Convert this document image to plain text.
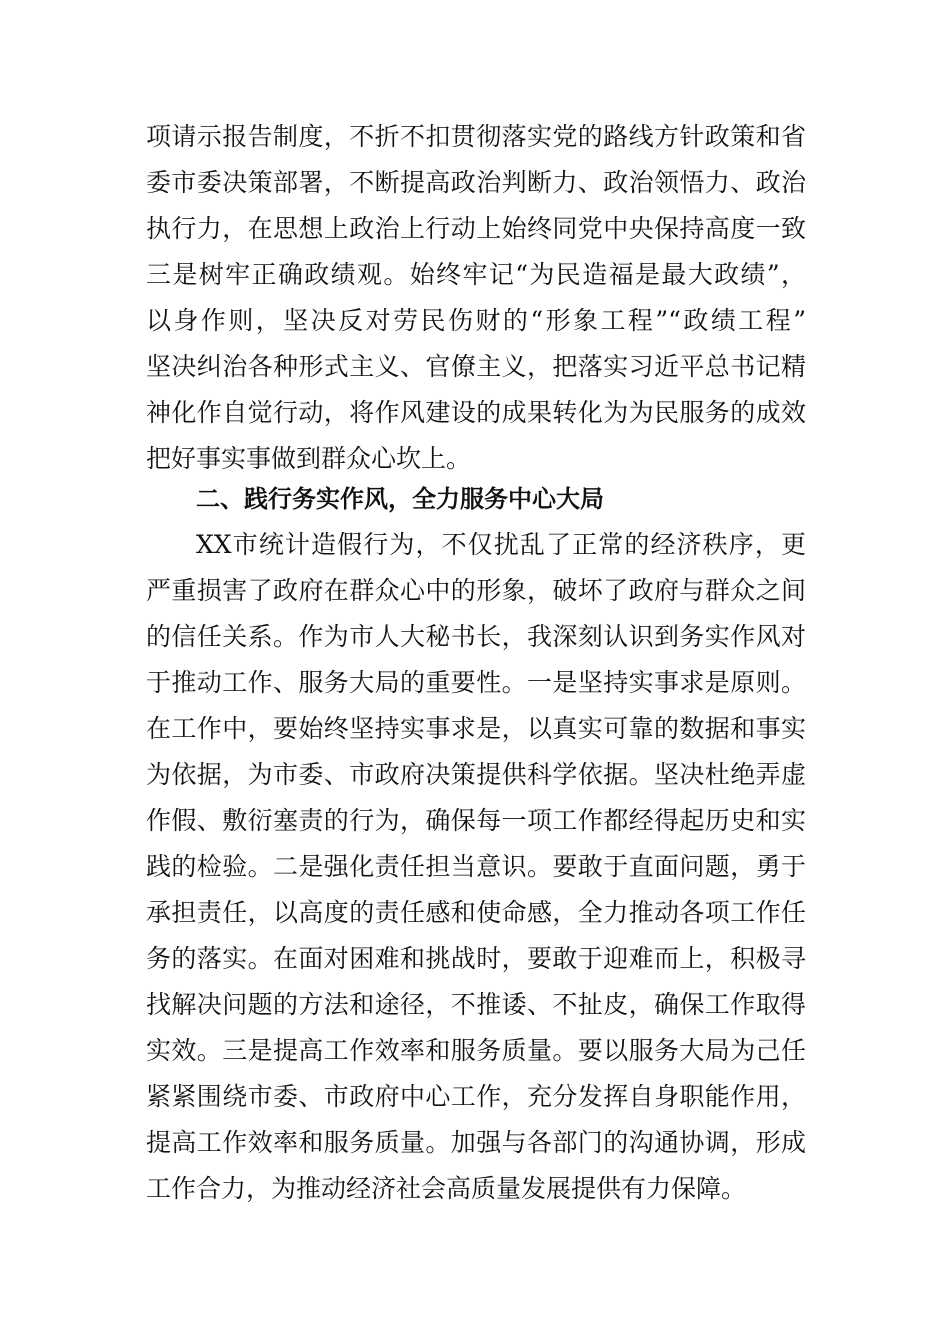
项请示报告制度，不折不扣贯彻落实党的路线方针政策和省
委市委决策部署，不断提高政治判断力、政治领悟力、政治
执行力，在思想上政治上行动上始终同党中央保持高度一致
三是树牢正确政绩观。始终牢记“为民造福是最大政绩”，
以身作则，坚决反对劳民伤财的“形象工程”“政绩工程”
坚决纠治各种形式主义、官僚主义，把落实习近平总书记精
神化作自觉行动，将作风建设的成果转化为为民服务的成效
把好事实事做到群众心坎上。
二、践行务实作风，全力服务中心大局
XX市统计造假行为，不仅扰乱了正常的经济秩序，更
严重损害了政府在群众心中的形象，破坏了政府与群众之间
的信任关系。作为市人大秘书长，我深刻认识到务实作风对
于推动工作、服务大局的重要性。一是坚持实事求是原则。
在工作中，要始终坚持实事求是，以真实可靠的数据和事实
为依据，为市委、市政府决策提供科学依据。坚决杜绝弄虚
作假、敷衍塞责的行为，确保每一项工作都经得起历史和实
践的检验。二是强化责任担当意识。要敢于直面问题，勇于
承担责任，以高度的责任感和使命感，全力推动各项工作任
务的落实。在面对困难和挑战时，要敢于迎难而上，积极寻
找解决问题的方法和途径，不推诿、不扯皮，确保工作取得
实效。三是提高工作效率和服务质量。要以服务大局为己任
紧紧围绕市委、市政府中心工作，充分发挥自身职能作用，
提高工作效率和服务质量。加强与各部门的沟通协调，形成
工作合力，为推动经济社会高质量发展提供有力保障。
